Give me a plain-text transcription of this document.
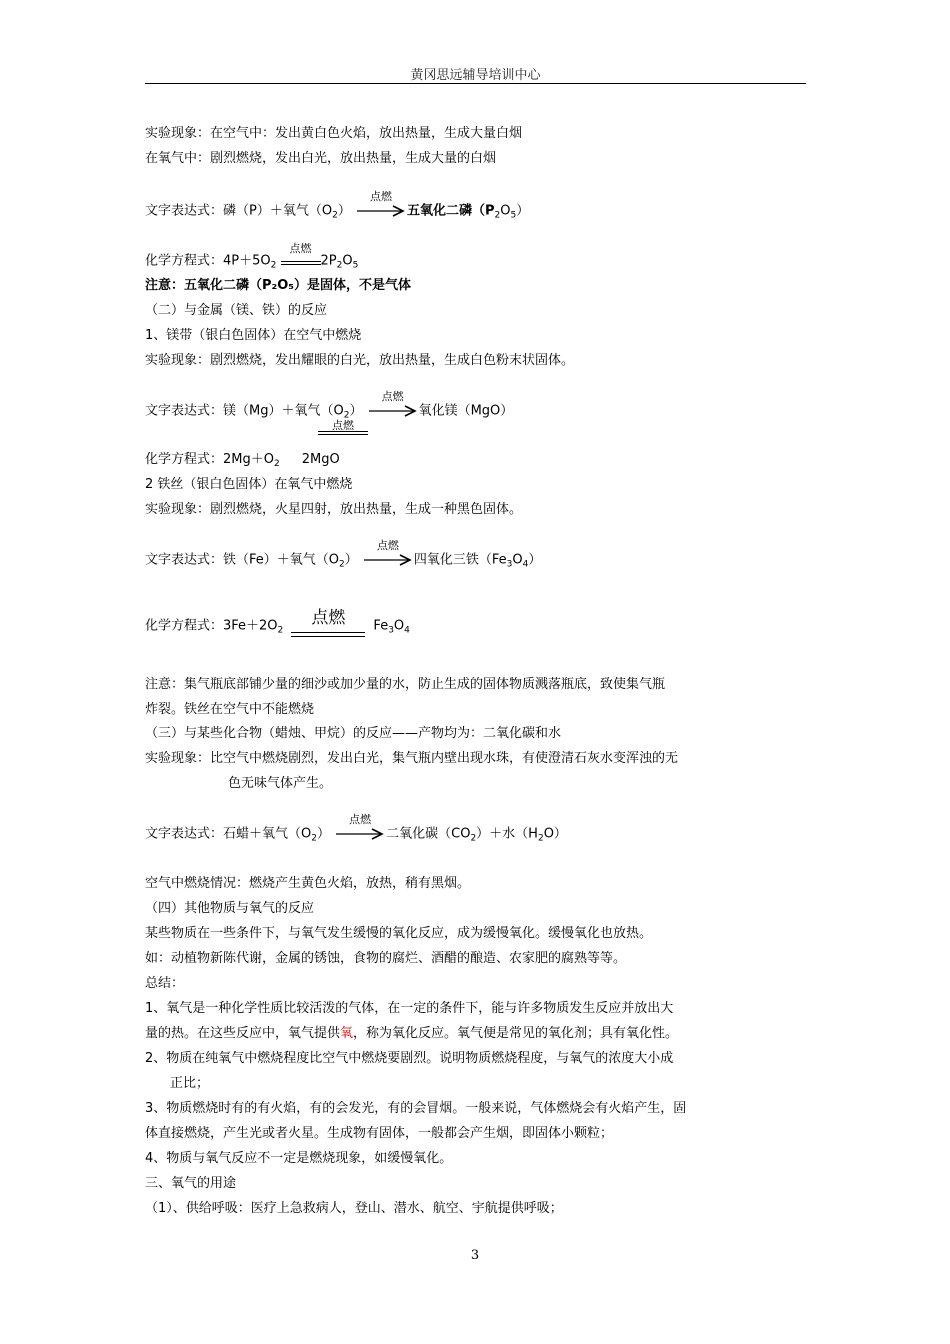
黄冈思远辅导培训中心
实验现象：在空气中：发出黄白色火焰，放出热量，生成大量白烟
在氧气中：剧烈燃烧，发出白光，放出热量，生成大量的白烟
文字表达式：磷（P）＋氧气$(O_2)$
点燃
五氧化二磷$(P_2O_5)$
化学方程式：$4P+5O_2$
点燃
$2P_2O_5$
注意：五氧化二磷（P₂O₅）是固体，不是气体
（二）与金属（镁、铁）的反应
1、镁带（银白色固体）在空气中燃烧
实验现象：剧烈燃烧，发出耀眼的白光，放出热量，生成白色粉末状固体。
文字表达式：镁（Mg）＋氧气$(O_2)$
点燃
氧化镁（MgO）
点燃
化学方程式：$2Mg+O_2$ 2MgO
2 铁丝（银白色固体）在氧气中燃烧
实验现象：剧烈燃烧，火星四射，放出热量，生成一种黑色固体。
文字表达式：铁（Fe）＋氧气$(O_2)$
点燃
四氧化三铁$(Fe_3O_4)$
化学方程式：$3Fe+2O_2$
点燃	$Fe_3O_4$
注意：集气瓶底部铺少量的细沙或加少量的水，防止生成的固体物质溅落瓶底，致使集气瓶
炸裂。铁丝在空气中不能燃烧
（三）与某些化合物（蜡烛、甲烷）的反应——产物均为：二氧化碳和水
实验现象：比空气中燃烧剧烈，发出白光，集气瓶内壁出现水珠，有使澄清石灰水变浑浊的无
色无味气体产生。
文字表达式：石蜡＋氧气$(O_2)$
点燃
二氧化碳$(CO_2)+$水$(H_2O)$
空气中燃烧情况：燃烧产生黄色火焰，放热，稍有黑烟。
（四）其他物质与氧气的反应
某些物质在一些条件下，与氧气发生缓慢的氧化反应，成为缓慢氧化。缓慢氧化也放热。
如：动植物新陈代谢，金属的锈蚀，食物的腐烂、酒醋的酿造、农家肥的腐熟等等。
总结：
1、氧气是一种化学性质比较活泼的气体，在一定的条件下，能与许多物质发生反应并放出大
量的热。在这些反应中，氧气提供氧，称为氧化反应。氧气便是常见的氧化剂；具有氧化性。
2、物质在纯氧气中燃烧程度比空气中燃烧要剧烈。说明物质燃烧程度，与氧气的浓度大小成
正比；
3、物质燃烧时有的有火焰，有的会发光，有的会冒烟。一般来说，气体燃烧会有火焰产生，固
体直接燃烧，产生光或者火星。生成物有固体，一般都会产生烟，即固体小颗粒；
4、物质与氧气反应不一定是燃烧现象，如缓慢氧化。
三、氧气的用途
（1）、供给呼吸：医疗上急救病人，登山、潜水、航空、宇航提供呼吸；
3
